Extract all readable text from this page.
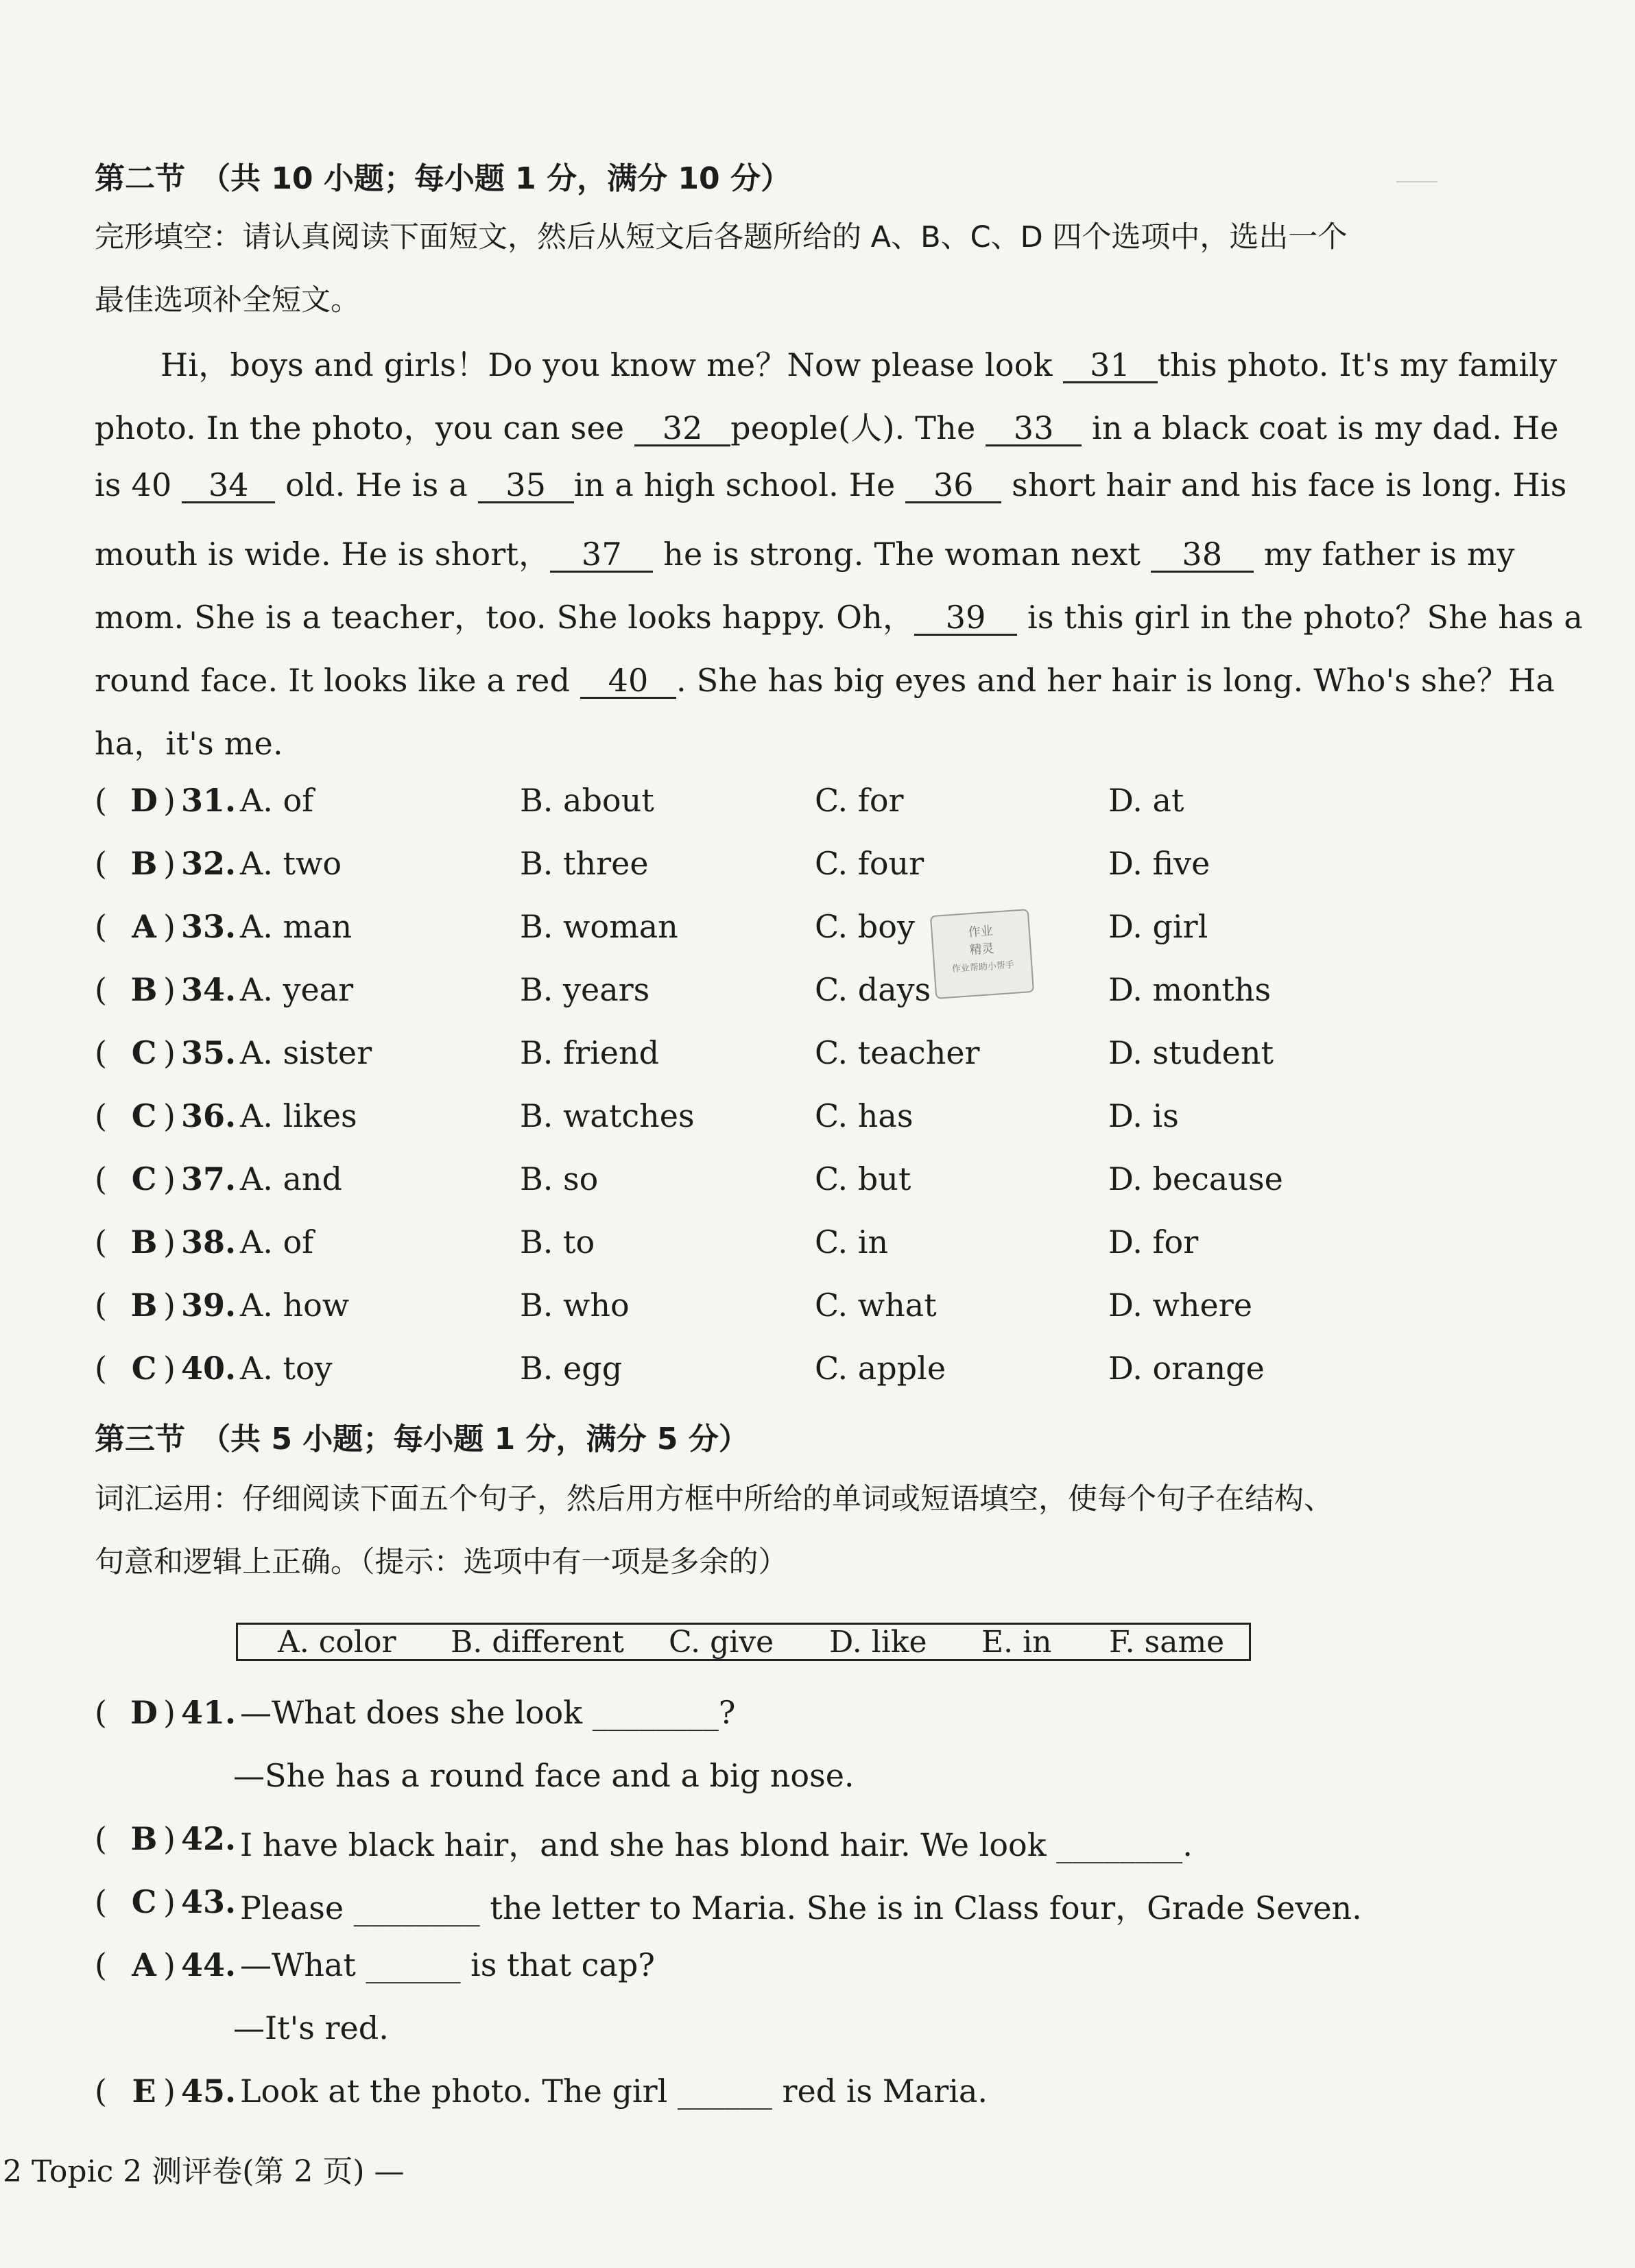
第二节　（共 10 小题；每小题 1 分，满分 10 分）
完形填空：请认真阅读下面短文，然后从短文后各题所给的 A、B、C、D 四个选项中，选出一个
最佳选项补全短文。
Hi，boys and girls！Do you know me？Now please look 31 this photo. It's my family
photo. In the photo，you can see 32 people(人). The 33 in a black coat is my dad. He
is 40 34 old. He is a 35 in a high school. He 36 short hair and his face is long. His
mouth is wide. He is short， 37 he is strong. The woman next 38 my father is my
mom. She is a teacher，too. She looks happy. Oh， 39 is this girl in the photo？She has a
round face. It looks like a red 40 . She has big eyes and her hair is long. Who's she？Ha
ha，it's me.
( D ) 31. A. of	B. about	C. for	D. at
( B ) 32. A. two	B. three	C. four	D. five
( A ) 33. A. man	B. woman	C. boy	D. girl
( B ) 34. A. year	B. years	C. days	D. months
( C ) 35. A. sister	B. friend	C. teacher	D. student
( C ) 36. A. likes	B. watches	C. has	D. is
( C ) 37. A. and	B. so	C. but	D. because
( B ) 38. A. of	B. to	C. in	D. for
( B ) 39. A. how	B. who	C. what	D. where
( C ) 40. A. toy	B. egg	C. apple	D. orange
作业
精灵
作业帮助小帮手
第三节　（共 5 小题；每小题 1 分，满分 5 分）
词汇运用：仔细阅读下面五个句子，然后用方框中所给的单词或短语填空，使每个句子在结构、
句意和逻辑上正确。（提示：选项中有一项是多余的）
A. color B. different C. give D. like E. in F. same
( D ) 41. —What does she look ________?
—She has a round face and a big nose.
( B ) 42. I have black hair，and she has blond hair. We look ________.
( C ) 43. Please ________ the letter to Maria. She is in Class four，Grade Seven.
( A ) 44. —What ______ is that cap?
—It's red.
( E ) 45. Look at the photo. The girl ______ red is Maria.
2 Topic 2 测评卷(第 2 页) —
